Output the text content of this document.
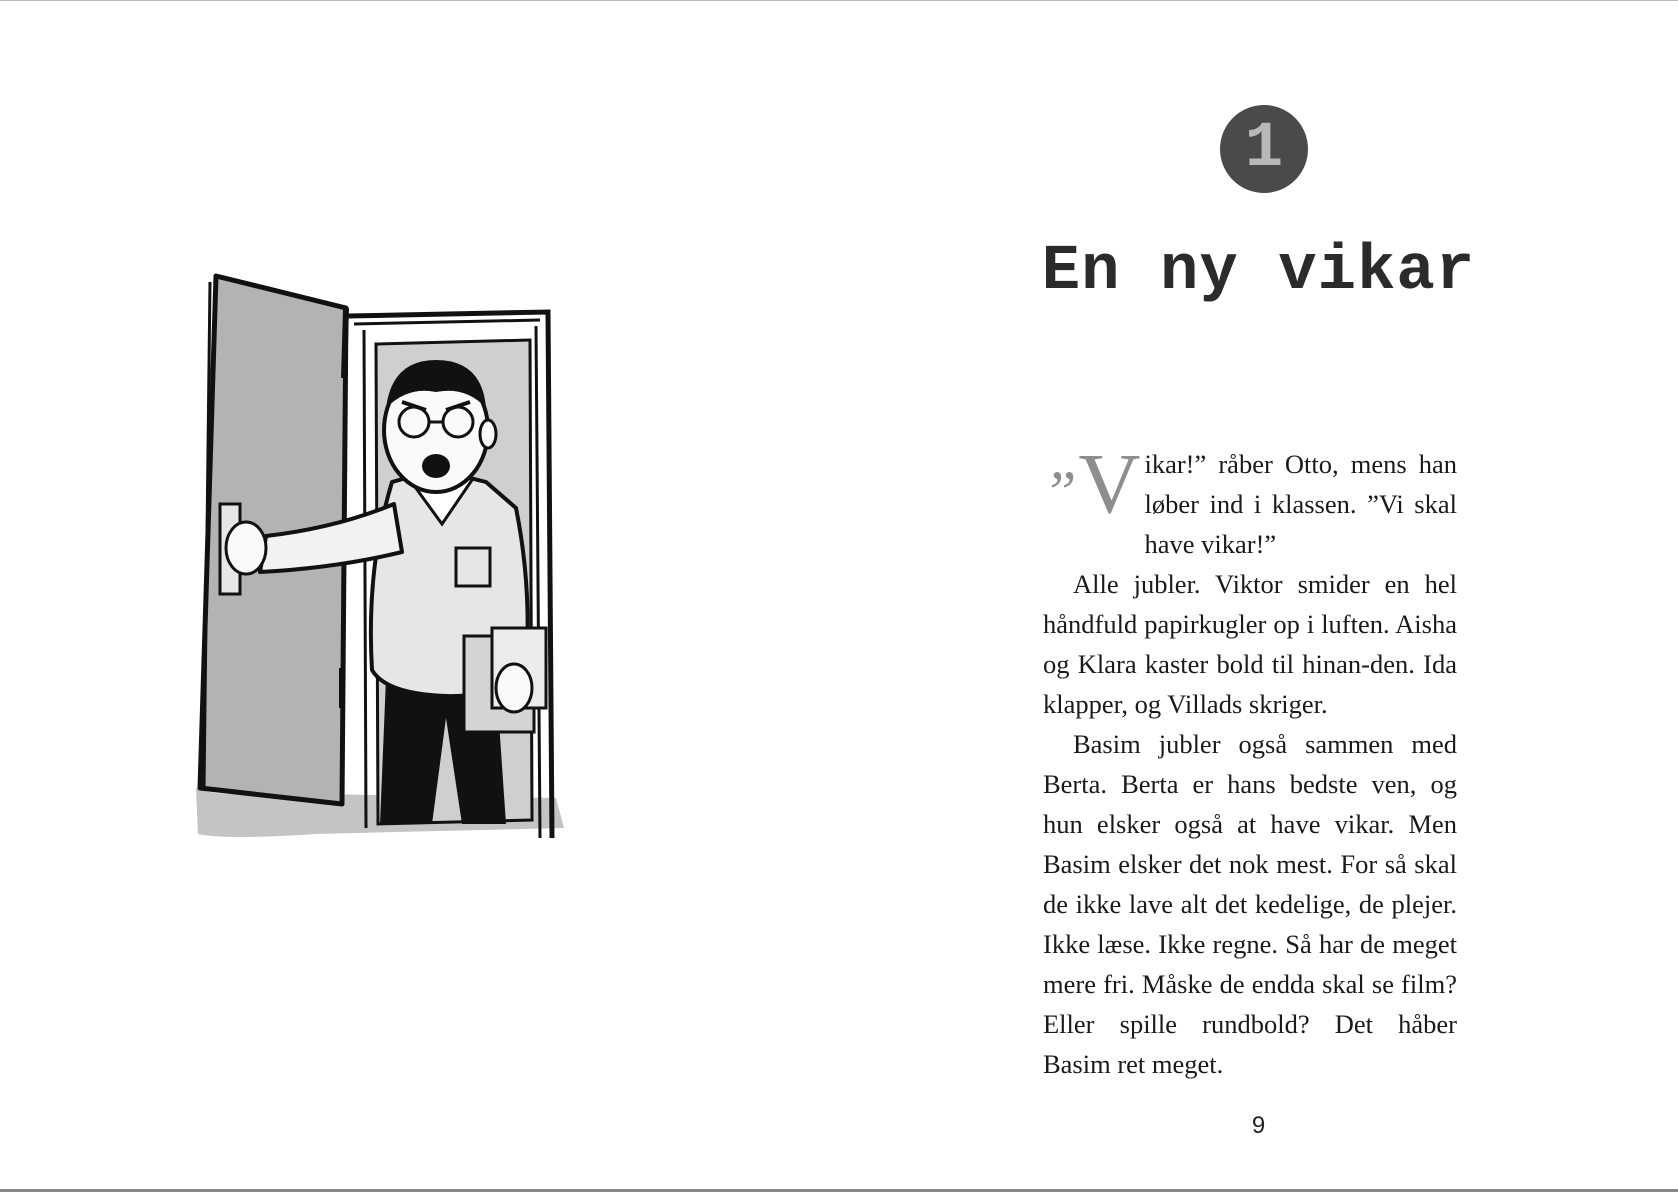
1
En ny vikar

”V ikar!” råber Otto, mens han løber ind i klassen. ”Vi skal have vikar!”

Alle jubler. Viktor smider en hel håndfuld papirkugler op i luften. Aisha og Klara kaster bold til hinan-den. Ida klapper, og Villads skriger.

Basim jubler også sammen med Berta. Berta er hans bedste ven, og hun elsker også at have vikar. Men Basim elsker det nok mest. For så skal de ikke lave alt det kedelige, de plejer. Ikke læse. Ikke regne. Så har de meget mere fri. Måske de endda skal se film? Eller spille rundbold? Det håber Basim ret meget.

9
